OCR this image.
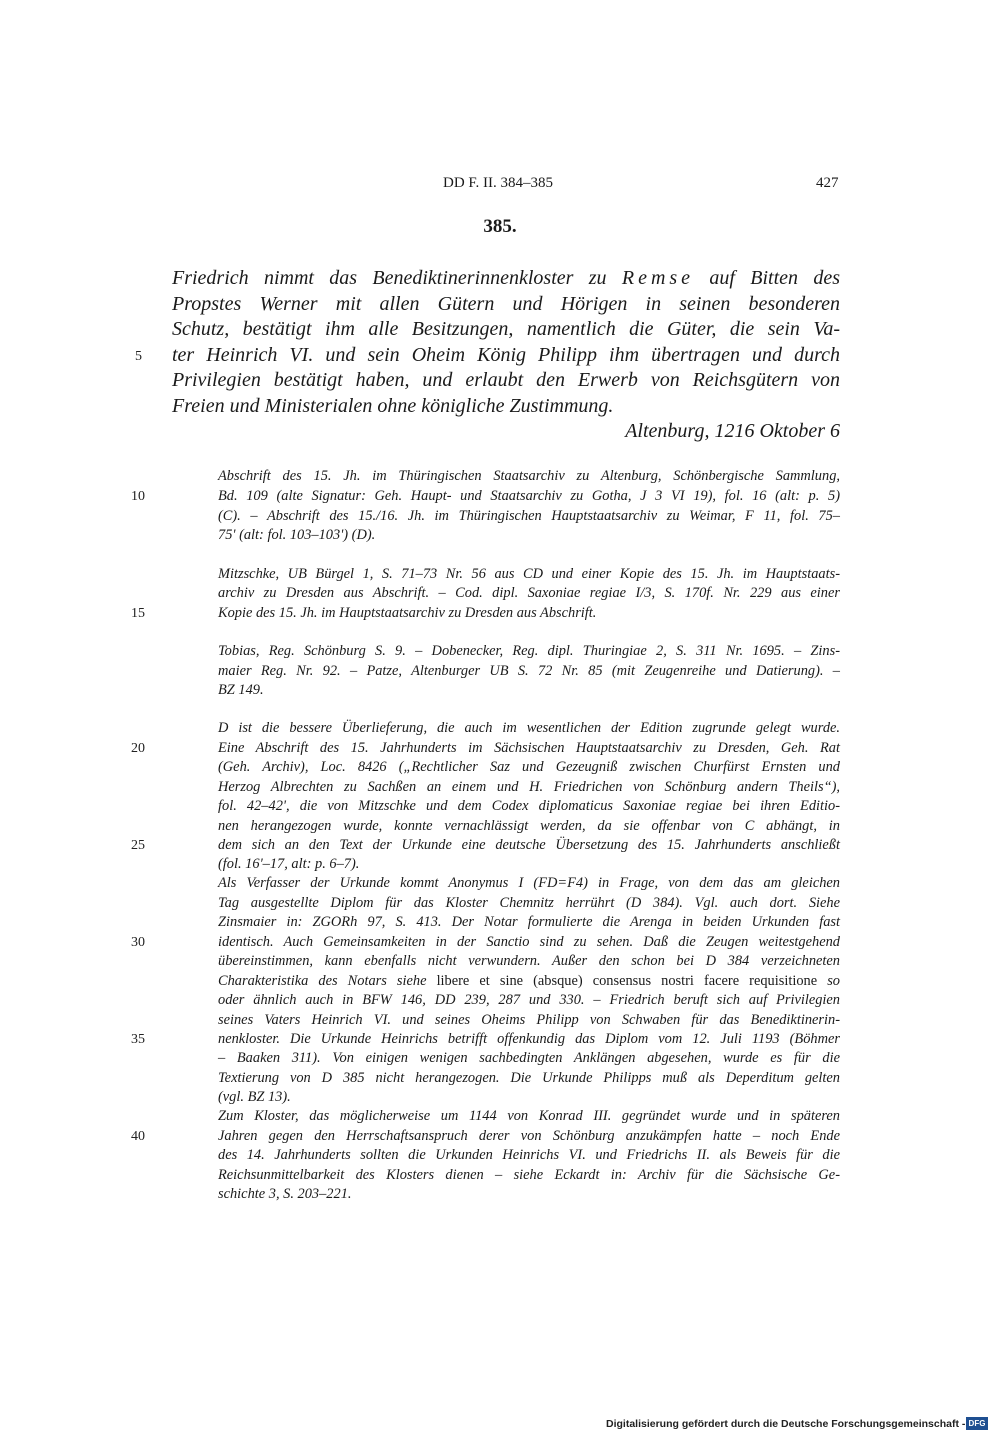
DD F. II. 384–385	427
385.
Friedrich nimmt das Benediktinerinnenkloster zu Remse auf Bitten des
Propstes Werner mit allen Gütern und Hörigen in seinen besonderen
Schutz, bestätigt ihm alle Besitzungen, namentlich die Güter, die sein Va-
ter Heinrich VI. und sein Oheim König Philipp ihm übertragen und durch
Privilegien bestätigt haben, und erlaubt den Erwerb von Reichsgütern von
Freien und Ministerialen ohne königliche Zustimmung.
Altenburg, 1216 Oktober 6
Abschrift des 15. Jh. im Thüringischen Staatsarchiv zu Altenburg, Schönbergische Sammlung,
Bd. 109 (alte Signatur: Geh. Haupt- und Staatsarchiv zu Gotha, J 3 VI 19), fol. 16 (alt: p. 5)
(C). – Abschrift des 15./16. Jh. im Thüringischen Hauptstaatsarchiv zu Weimar, F 11, fol. 75–
75' (alt: fol. 103–103') (D).
Mitzschke, UB Bürgel 1, S. 71–73 Nr. 56 aus CD und einer Kopie des 15. Jh. im Hauptstaats-
archiv zu Dresden aus Abschrift. – Cod. dipl. Saxoniae regiae I/3, S. 170f. Nr. 229 aus einer
Kopie des 15. Jh. im Hauptstaatsarchiv zu Dresden aus Abschrift.
Tobias, Reg. Schönburg S. 9. – Dobenecker, Reg. dipl. Thuringiae 2, S. 311 Nr. 1695. – Zins-
maier Reg. Nr. 92. – Patze, Altenburger UB S. 72 Nr. 85 (mit Zeugenreihe und Datierung). –
BZ 149.
D ist die bessere Überlieferung, die auch im wesentlichen der Edition zugrunde gelegt wurde.
Eine Abschrift des 15. Jahrhunderts im Sächsischen Hauptstaatsarchiv zu Dresden, Geh. Rat
(Geh. Archiv), Loc. 8426 („Rechtlicher Saz und Gezeugniß zwischen Churfürst Ernsten und
Herzog Albrechten zu Sachßen an einem und H. Friedrichen von Schönburg andern Theils“),
fol. 42–42', die von Mitzschke und dem Codex diplomaticus Saxoniae regiae bei ihren Editio-
nen herangezogen wurde, konnte vernachlässigt werden, da sie offenbar von C abhängt, in
dem sich an den Text der Urkunde eine deutsche Übersetzung des 15. Jahrhunderts anschließt
(fol. 16'–17, alt: p. 6–7).
Als Verfasser der Urkunde kommt Anonymus I (FD=F4) in Frage, von dem das am gleichen
Tag ausgestellte Diplom für das Kloster Chemnitz herrührt (D 384). Vgl. auch dort. Siehe
Zinsmaier in: ZGORh 97, S. 413. Der Notar formulierte die Arenga in beiden Urkunden fast
identisch. Auch Gemeinsamkeiten in der Sanctio sind zu sehen. Daß die Zeugen weitestgehend
übereinstimmen, kann ebenfalls nicht verwundern. Außer den schon bei D 384 verzeichneten
Charakteristika des Notars siehe libere et sine (absque) consensus nostri facere requisitione so
oder ähnlich auch in BFW 146, DD 239, 287 und 330. – Friedrich beruft sich auf Privilegien
seines Vaters Heinrich VI. und seines Oheims Philipp von Schwaben für das Benediktinerin-
nenkloster. Die Urkunde Heinrichs betrifft offenkundig das Diplom vom 12. Juli 1193 (Böhmer
– Baaken 311). Von einigen wenigen sachbedingten Anklängen abgesehen, wurde es für die
Textierung von D 385 nicht herangezogen. Die Urkunde Philipps muß als Deperditum gelten
(vgl. BZ 13).
Zum Kloster, das möglicherweise um 1144 von Konrad III. gegründet wurde und in späteren
Jahren gegen den Herrschaftsanspruch derer von Schönburg anzukämpfen hatte – noch Ende
des 14. Jahrhunderts sollten die Urkunden Heinrichs VI. und Friedrichs II. als Beweis für die
Reichsunmittelbarkeit des Klosters dienen – siehe Eckardt in: Archiv für die Sächsische Ge-
schichte 3, S. 203–221.
5
10
15
20
25
30
35
40
Digitalisierung gefördert durch die Deutsche Forschungsgemeinschaft - DFG
